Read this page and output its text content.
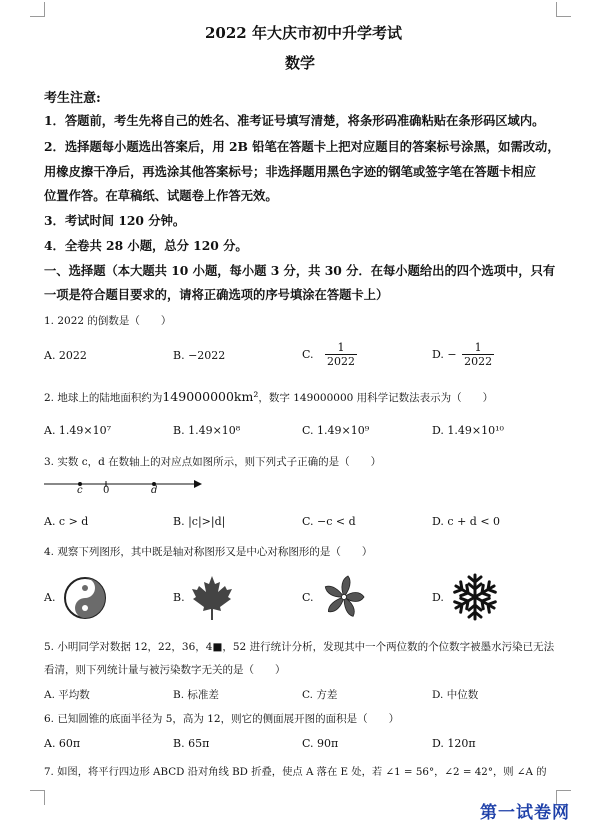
2022 年大庆市初中升学考试
数学
考生注意:
1．答题前，考生先将自己的姓名、准考证号填写清楚，将条形码准确粘贴在条形码区域内。
2．选择题每小题选出答案后，用 2B 铅笔在答题卡上把对应题目的答案标号涂黑，如需改动，
用橡皮擦干净后，再选涂其他答案标号；非选择题用黑色字迹的钢笔或签字笔在答题卡相应
位置作答。在草稿纸、试题卷上作答无效。
3．考试时间 120 分钟。
4．全卷共 28 小题，总分 120 分。
一、选择题（本大题共 10 小题，每小题 3 分，共 30 分．在每小题给出的四个选项中，只有
一项是符合题目要求的，请将正确选项的序号填涂在答题卡上）
1. 2022 的倒数是（　　）
A. 2022	B. −2022	C. $\frac{1}{2022}$	D. − $\frac{1}{2022}$
2. 地球上的陆地面积约为149000000km²，数字 149000000 用科学记数法表示为（　　）
A. 1.49×10⁷	B. 1.49×10⁸	C. 1.49×10⁹	D. 1.49×10¹⁰
3. 实数 c，d 在数轴上的对应点如图所示，则下列式子正确的是（　　）
c 0	d
A. c > d	B. |c|>|d|	C. −c < d	D. c + d < 0
4. 观察下列图形，其中既是轴对称图形又是中心对称图形的是（　　）
A.	B.	C.	D.
5. 小明同学对数据 12，22，36，4■，52 进行统计分析，发现其中一个两位数的个位数字被墨水污染已无法
看清，则下列统计量与被污染数字无关的是（　　）
A. 平均数	B. 标准差	C. 方差	D. 中位数
6. 已知圆锥的底面半径为 5，高为 12，则它的侧面展开图的面积是（　　）
A. 60π	B. 65π	C. 90π	D. 120π
7. 如图，将平行四边形 ABCD 沿对角线 BD 折叠，使点 A 落在 E 处，若 ∠1 = 56°，∠2 = 42°，则 ∠A 的
第一试卷网
